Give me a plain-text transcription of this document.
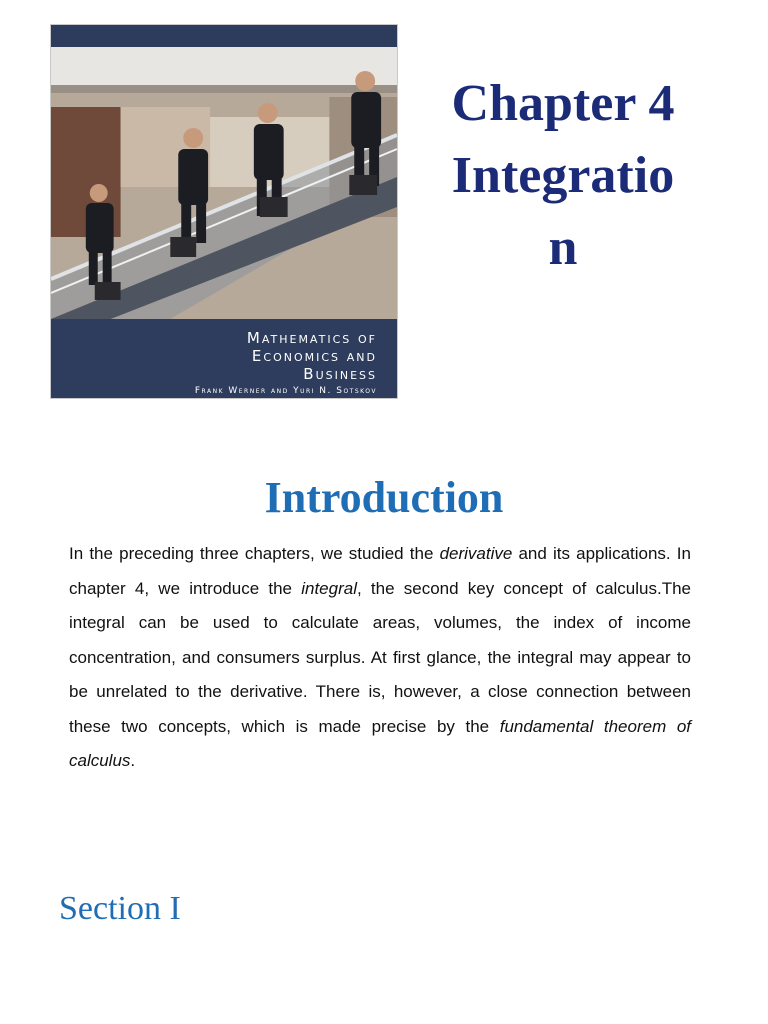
Mathematics of
Economics and
Business
Frank Werner and Yuri N. Sotskov
Chapter 4
Integratio
n
Introduction

In the preceding three chapters, we studied the derivative and its applications. In chapter 4, we introduce the integral, the second key concept of calculus.The integral can be used to calculate areas, volumes, the index of income concentration, and consumers surplus. At first glance, the integral may appear to be unrelated to the derivative. There is, however, a close connection between these two concepts, which is made precise by the fundamental theorem of calculus.

Section I
